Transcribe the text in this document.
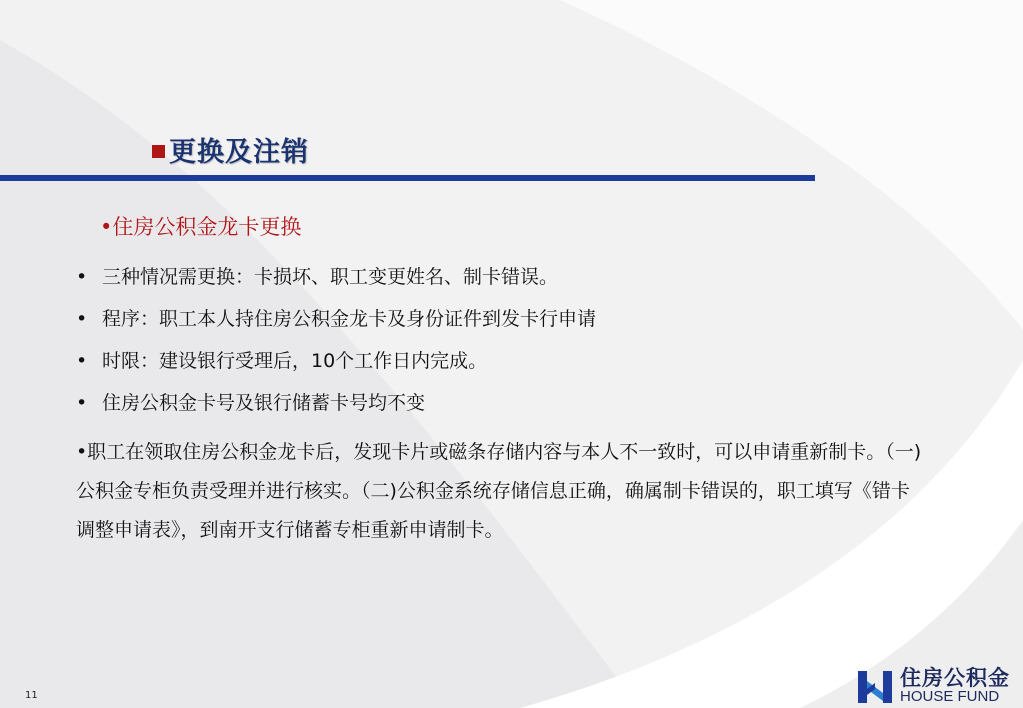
更换及注销
•住房公积金龙卡更换
• 三种情况需更换：卡损坏、职工变更姓名、制卡错误。
• 程序：职工本人持住房公积金龙卡及身份证件到发卡行申请
• 时限：建设银行受理后，10个工作日内完成。
• 住房公积金卡号及银行储蓄卡号均不变

•职工在领取住房公积金龙卡后，发现卡片或磁条存储内容与本人不一致时，可以申请重新制卡。（一)公积金专柜负责受理并进行核实。（二)公积金系统存储信息正确，确属制卡错误的，职工填写《错卡调整申请表》，到南开支行储蓄专柜重新申请制卡。

11
住房公积金
HOUSE FUND
